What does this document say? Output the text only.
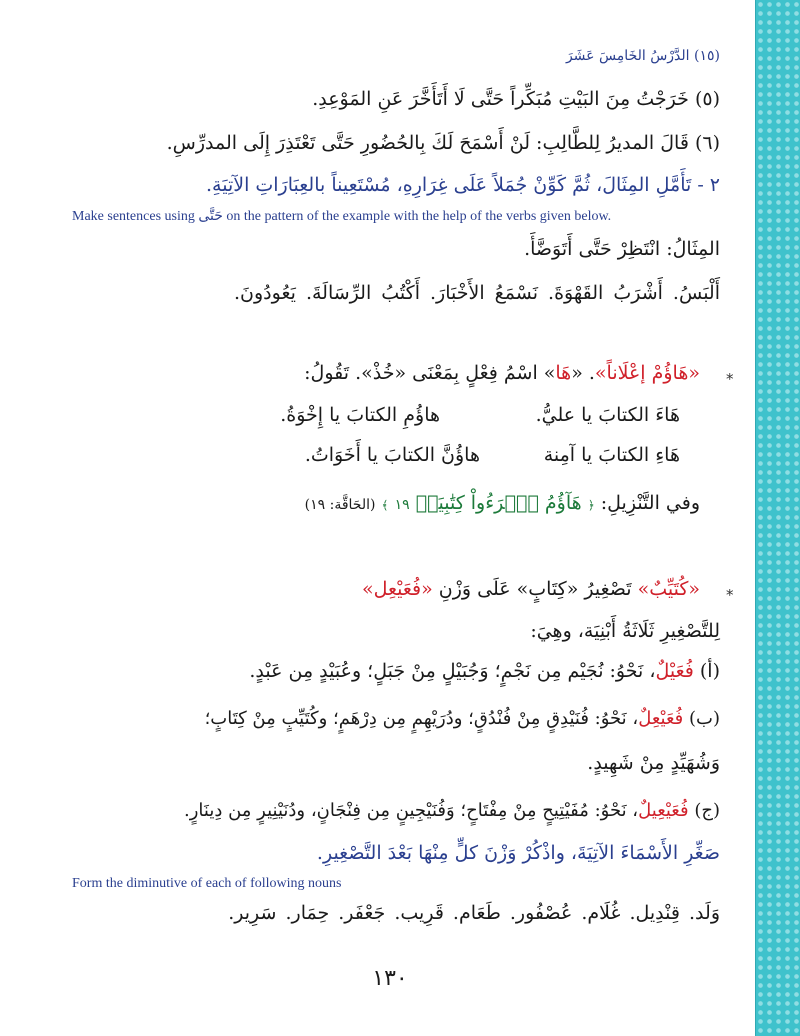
(١٥) الدَّرْسُ الخَامِسَ عَشَرَ
(٥) خَرَجْتُ مِنَ البَيْتِ مُبَكِّراً حَتَّى لَا أَتَأَخَّرَ عَنِ المَوْعِدِ.
(٦) قَالَ المديرُ لِلطَّالِبِ: لَنْ أَسْمَحَ لَكَ بِالحُضُورِ حَتَّى تَعْتَذِرَ إِلَى المدرِّسِ.
٢ - تَأَمَّلِ المِثَالَ، ثُمَّ كَوِّنْ جُمَلاً عَلَى غِرَارِهِ، مُسْتَعِيناً بالعِبَارَاتِ الآتِيَةِ.
Make sentences using حَتَّى on the pattern of the example with the help of the verbs given below.
المِثَالُ: انْتَظِرْ حَتَّى أَتَوَضَّأَ.
أَلْبَسُ. أَشْرَبُ القَهْوَةَ. نَسْمَعُ الأَخْبَارَ. أَكْتُبُ الرِّسَالَةَ. يَعُودُونَ.
*
«هَاؤُمْ إعْلَاناً». «هَا» اسْمُ فِعْلٍ بِمَعْنَى «خُذْ». تَقُولُ:
هَاءَ الكتابَ يا عليُّ.
هاؤُمِ الكتابَ يا إِخْوَةُ.
هَاءِ الكتابَ يا آمِنة
هاؤُنَّ الكتابَ يا أَخَوَاتُ.
وفي التَّنْزِيلِ: ﴿ هَآؤُمُ ٱقۡرَءُواْ كِتَٰبِيَهۡ ١٩ ﴾ (الحَاقَّة: ١٩)
*
«كُتَيِّبٌ» تَصْغِيرُ «كِتَابٍ» عَلَى وَزْنِ «فُعَيْعِل»
لِلتَّصْغِيرِ ثَلَاثَةُ أَبْنِيَة، وهِيَ:
(أ) فُعَيْلٌ، نَحْوُ: نُجَيْم مِن نَجْمٍ؛ وَجُبَيْلٍ مِنْ جَبَلٍ؛ وعُبَيْدٍ مِن عَبْدٍ.
(ب) فُعَيْعِلٌ، نَحْوُ: فُنَيْدِقٍ مِنْ فُنْدُقٍ؛ ودُرَيْهِمٍ مِن دِرْهَمٍ؛ وكُتَيِّبٍ مِنْ كِتَابٍ؛
وَشُهَيِّدٍ مِنْ شَهِيدٍ.
(ج) فُعَيْعِيلٌ، نَحْوُ: مُفَيْتِيحٍ مِنْ مِفْتَاحٍ؛ وَفُنَيْجِينٍ مِن فِنْجَانٍ، ودُنَيْنِيرٍ مِن دِينَارٍ.
صَغِّرِ الأَسْمَاءَ الآتِيَةَ، واذْكُرْ وَزْنَ كلٍّ مِنْهَا بَعْدَ التَّصْغِيرِ.
Form the diminutive of each of following nouns
وَلَد. قِنْدِيل. غُلَام. عُصْفُور. طَعَام. قَرِيب. جَعْفَر. حِمَار. سَرِير.
١٣٠
